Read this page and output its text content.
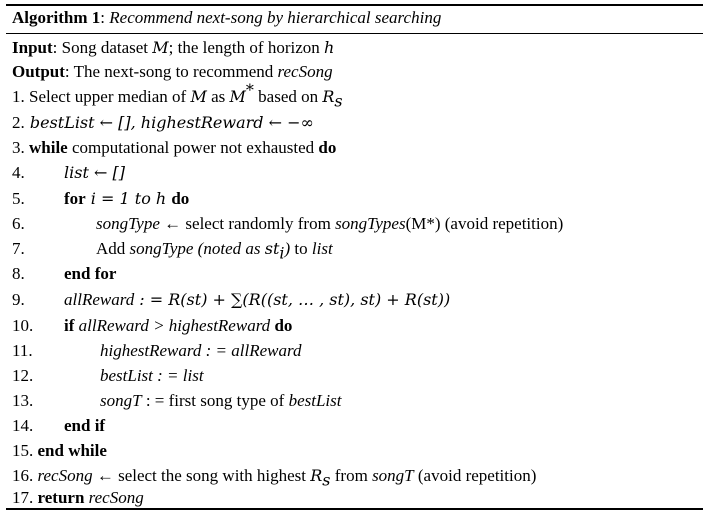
Algorithm 1: Recommend next-song by hierarchical searching
Input: Song dataset M; the length of horizon h
Output: The next-song to recommend recSong
1. Select upper median of M as M* based on $R_s$
2. bestList ← [], highestReward ← −∞
3. while computational power not exhausted do
4. list ← []
5. for i = 1 to h do
6.	songType ← select randomly from songTypes(M*) (avoid repetition)
7.	Add songType (noted as $st_i$) to list
8. end for
9. allReward : = R(st) + ∑(R((st, … , st), st) + R(st))
10. if allReward > highestReward do
11.	highestReward : = allReward
12.	bestList : = list
13.	songT : = first song type of bestList
14. end if
15. end while
16. recSong ← select the song with highest $R_s$ from songT (avoid repetition)
17. return recSong
